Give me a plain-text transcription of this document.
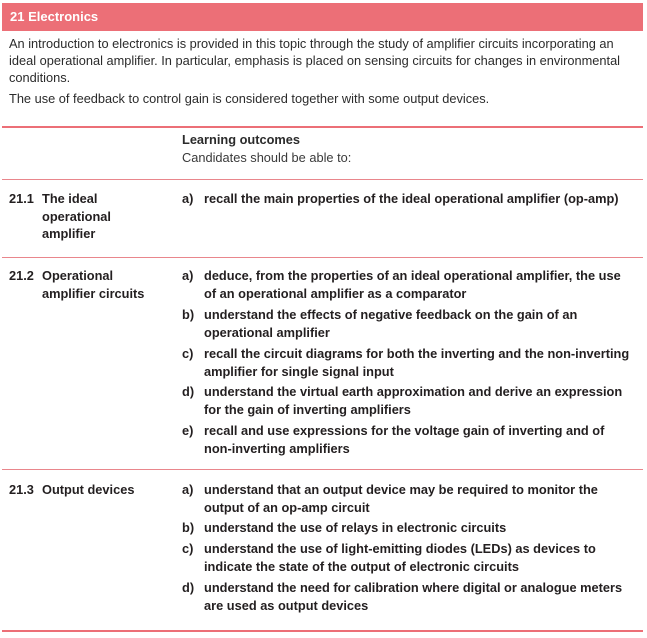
21 Electronics
An introduction to electronics is provided in this topic through the study of amplifier circuits incorporating an ideal operational amplifier. In particular, emphasis is placed on sensing circuits for changes in environmental conditions.
The use of feedback to control gain is considered together with some output devices.
Learning outcomes
Candidates should be able to:
21.1 The ideal
operational
amplifier
a) recall the main properties of the ideal operational amplifier (op-amp)
21.2 Operational
amplifier circuits
a) deduce, from the properties of an ideal operational amplifier, the use of an operational amplifier as a comparator
b) understand the effects of negative feedback on the gain of an operational amplifier
c) recall the circuit diagrams for both the inverting and the non-inverting amplifier for single signal input
d) understand the virtual earth approximation and derive an expression for the gain of inverting amplifiers
e) recall and use expressions for the voltage gain of inverting and of non-inverting amplifiers
21.3 Output devices	a) understand that an output device may be required to monitor the output of an op-amp circuit
b) understand the use of relays in electronic circuits
c) understand the use of light-emitting diodes (LEDs) as devices to indicate the state of the output of electronic circuits
d) understand the need for calibration where digital or analogue meters are used as output devices
